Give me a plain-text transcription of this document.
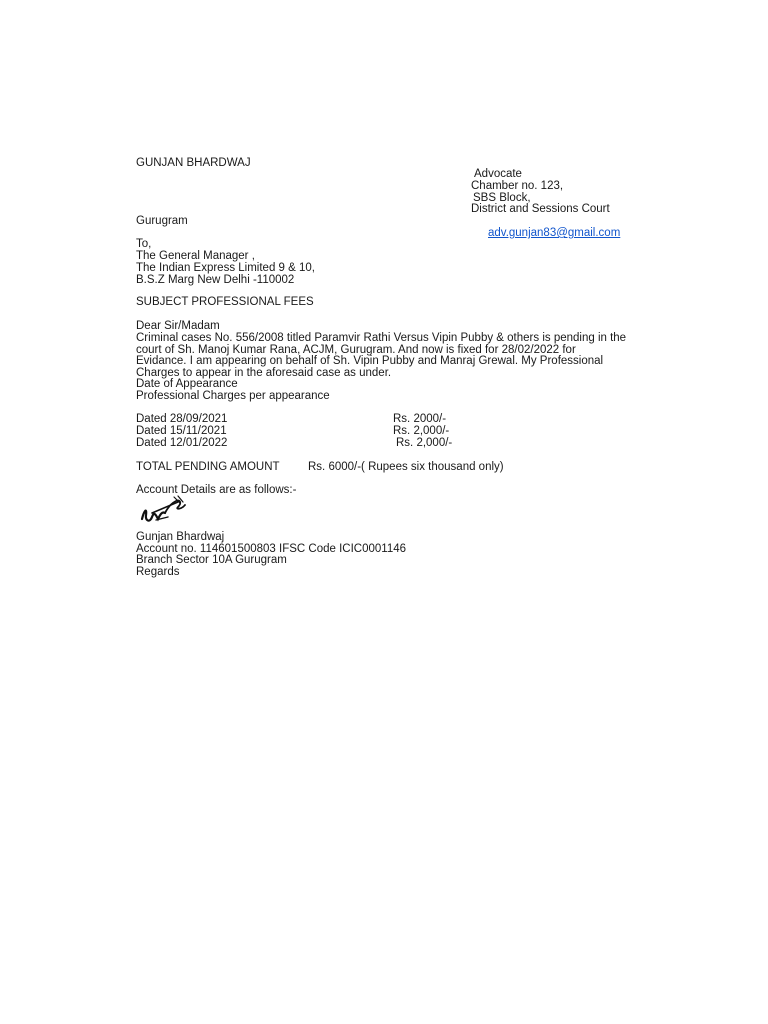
GUNJAN BHARDWAJ
Advocate
Chamber no. 123,
SBS Block,
District and Sessions Court
Gurugram
adv.gunjan83@gmail.com
To,
The General Manager ,
The Indian Express Limited 9 & 10,
B.S.Z Marg New Delhi -110002
SUBJECT PROFESSIONAL FEES
Dear Sir/Madam
Criminal cases No. 556/2008 titled Paramvir Rathi Versus Vipin Pubby & others is pending in the
court of Sh. Manoj Kumar Rana, ACJM, Gurugram. And now is fixed for 28/02/2022 for
Evidance. I am appearing on behalf of Sh. Vipin Pubby and Manraj Grewal. My Professional
Charges to appear in the aforesaid case as under.
Date of Appearance
Professional Charges per appearance
Dated 28/09/2021	Rs. 2000/-
Dated 15/11/2021	Rs. 2,000/-
Dated 12/01/2022	Rs. 2,000/-
TOTAL PENDING AMOUNT Rs. 6000/-( Rupees six thousand only)
Account Details are as follows:-
Gunjan Bhardwaj
Account no. 114601500803 IFSC Code ICIC0001146
Branch Sector 10A Gurugram
Regards
